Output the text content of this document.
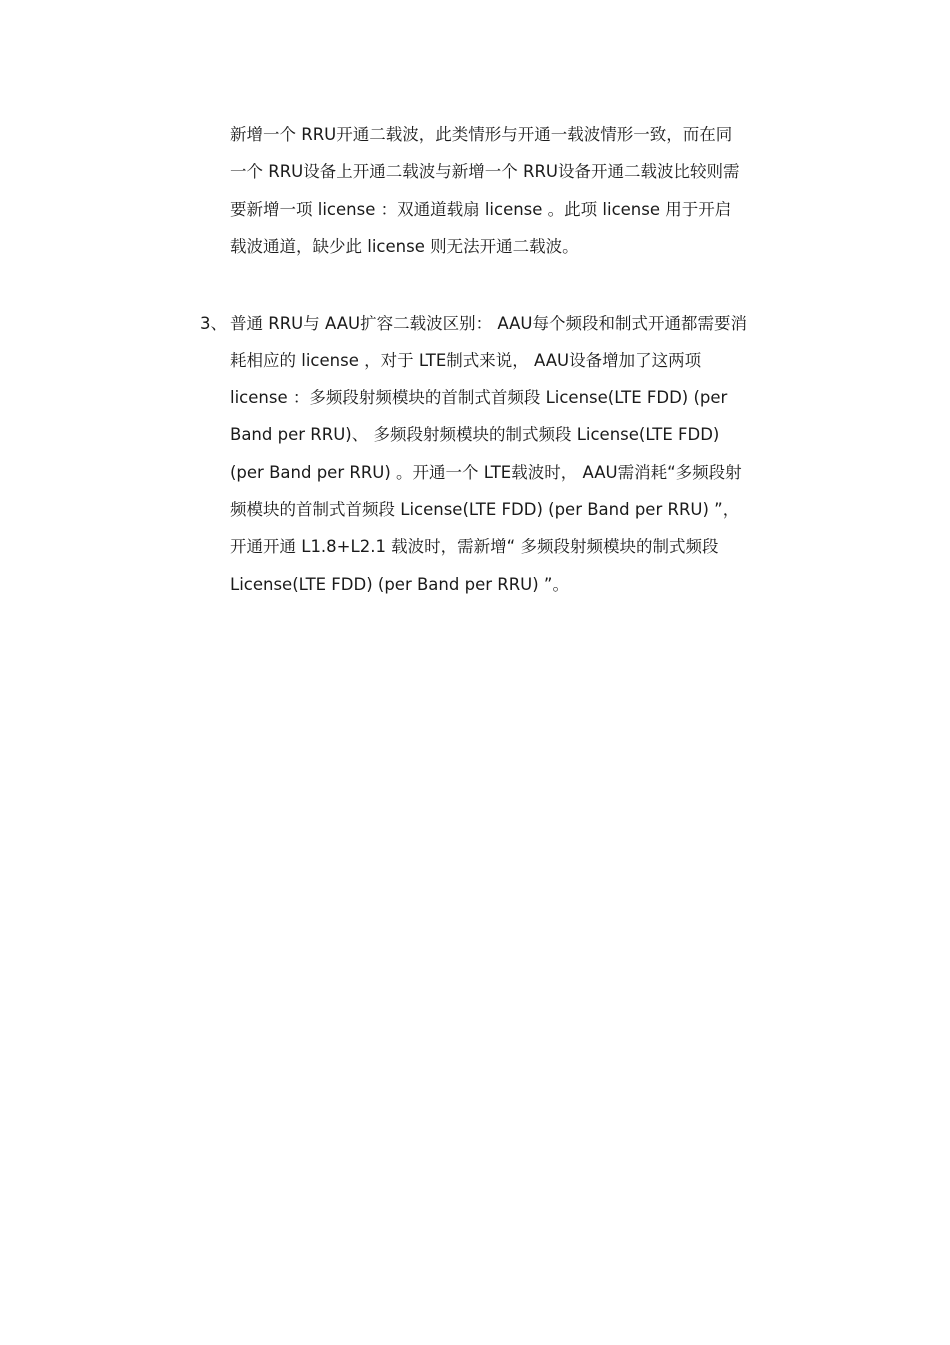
新增一个 RRU开通二载波，此类情形与开通一载波情形一致，而在同
一个 RRU设备上开通二载波与新增一个 RRU设备开通二载波比较则需
要新增一项 license ：双通道载扇 license 。此项 license 用于开启
载波通道，缺少此 license 则无法开通二载波。
3、 普通 RRU与 AAU扩容二载波区别： AAU每个频段和制式开通都需要消
耗相应的 license ，对于 LTE制式来说， AAU设备增加了这两项
license ：多频段射频模块的首制式首频段 License(LTE FDD) (per
Band per RRU)、 多频段射频模块的制式频段 License(LTE FDD)
(per Band per RRU) 。开通一个 LTE载波时， AAU需消耗“多频段射
频模块的首制式首频段 License(LTE FDD) (per Band per RRU) ”，
开通开通 L1.8+L2.1 载波时，需新增“ 多频段射频模块的制式频段
License(LTE FDD) (per Band per RRU) ”。
